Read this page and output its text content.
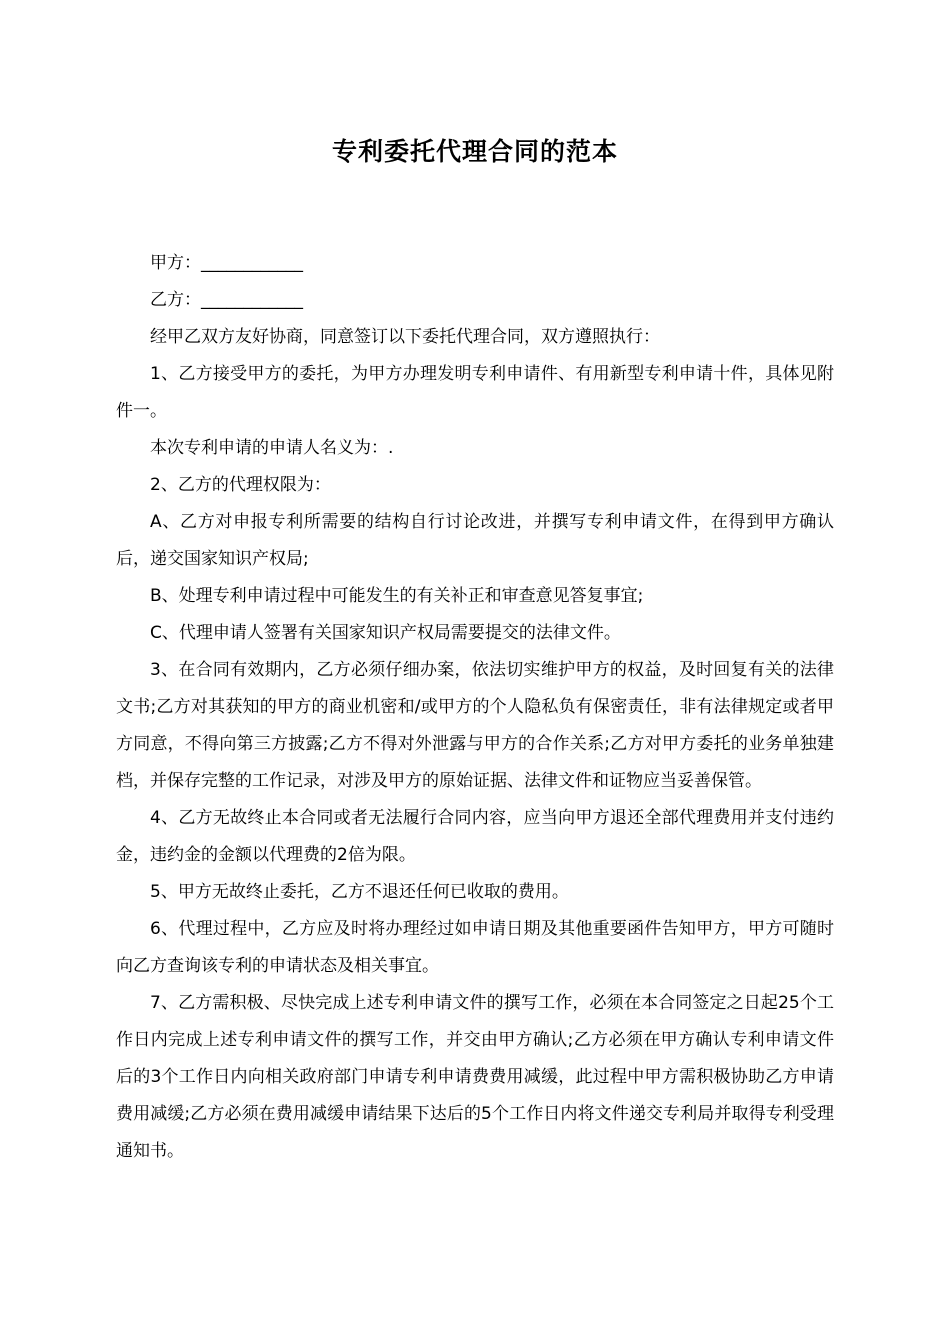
专利委托代理合同的范本

甲方：____________

乙方：____________

经甲乙双方友好协商，同意签订以下委托代理合同，双方遵照执行：

1、乙方接受甲方的委托，为甲方办理发明专利申请件、有用新型专利申请十件，具体见附件一。

本次专利申请的申请人名义为：.

2、乙方的代理权限为：

A、乙方对申报专利所需要的结构自行讨论改进，并撰写专利申请文件，在得到甲方确认后，递交国家知识产权局;

B、处理专利申请过程中可能发生的有关补正和审查意见答复事宜;

C、代理申请人签署有关国家知识产权局需要提交的法律文件。

3、在合同有效期内，乙方必须仔细办案，依法切实维护甲方的权益，及时回复有关的法律文书;乙方对其获知的甲方的商业机密和/或甲方的个人隐私负有保密责任，非有法律规定或者甲方同意，不得向第三方披露;乙方不得对外泄露与甲方的合作关系;乙方对甲方委托的业务单独建档，并保存完整的工作记录，对涉及甲方的原始证据、法律文件和证物应当妥善保管。

4、乙方无故终止本合同或者无法履行合同内容，应当向甲方退还全部代理费用并支付违约金，违约金的金额以代理费的2倍为限。

5、甲方无故终止委托，乙方不退还任何已收取的费用。

6、代理过程中，乙方应及时将办理经过如申请日期及其他重要函件告知甲方，甲方可随时向乙方查询该专利的申请状态及相关事宜。

7、乙方需积极、尽快完成上述专利申请文件的撰写工作，必须在本合同签定之日起25个工作日内完成上述专利申请文件的撰写工作，并交由甲方确认;乙方必须在甲方确认专利申请文件后的3个工作日内向相关政府部门申请专利申请费费用减缓，此过程中甲方需积极协助乙方申请费用减缓;乙方必须在费用减缓申请结果下达后的5个工作日内将文件递交专利局并取得专利受理通知书。
